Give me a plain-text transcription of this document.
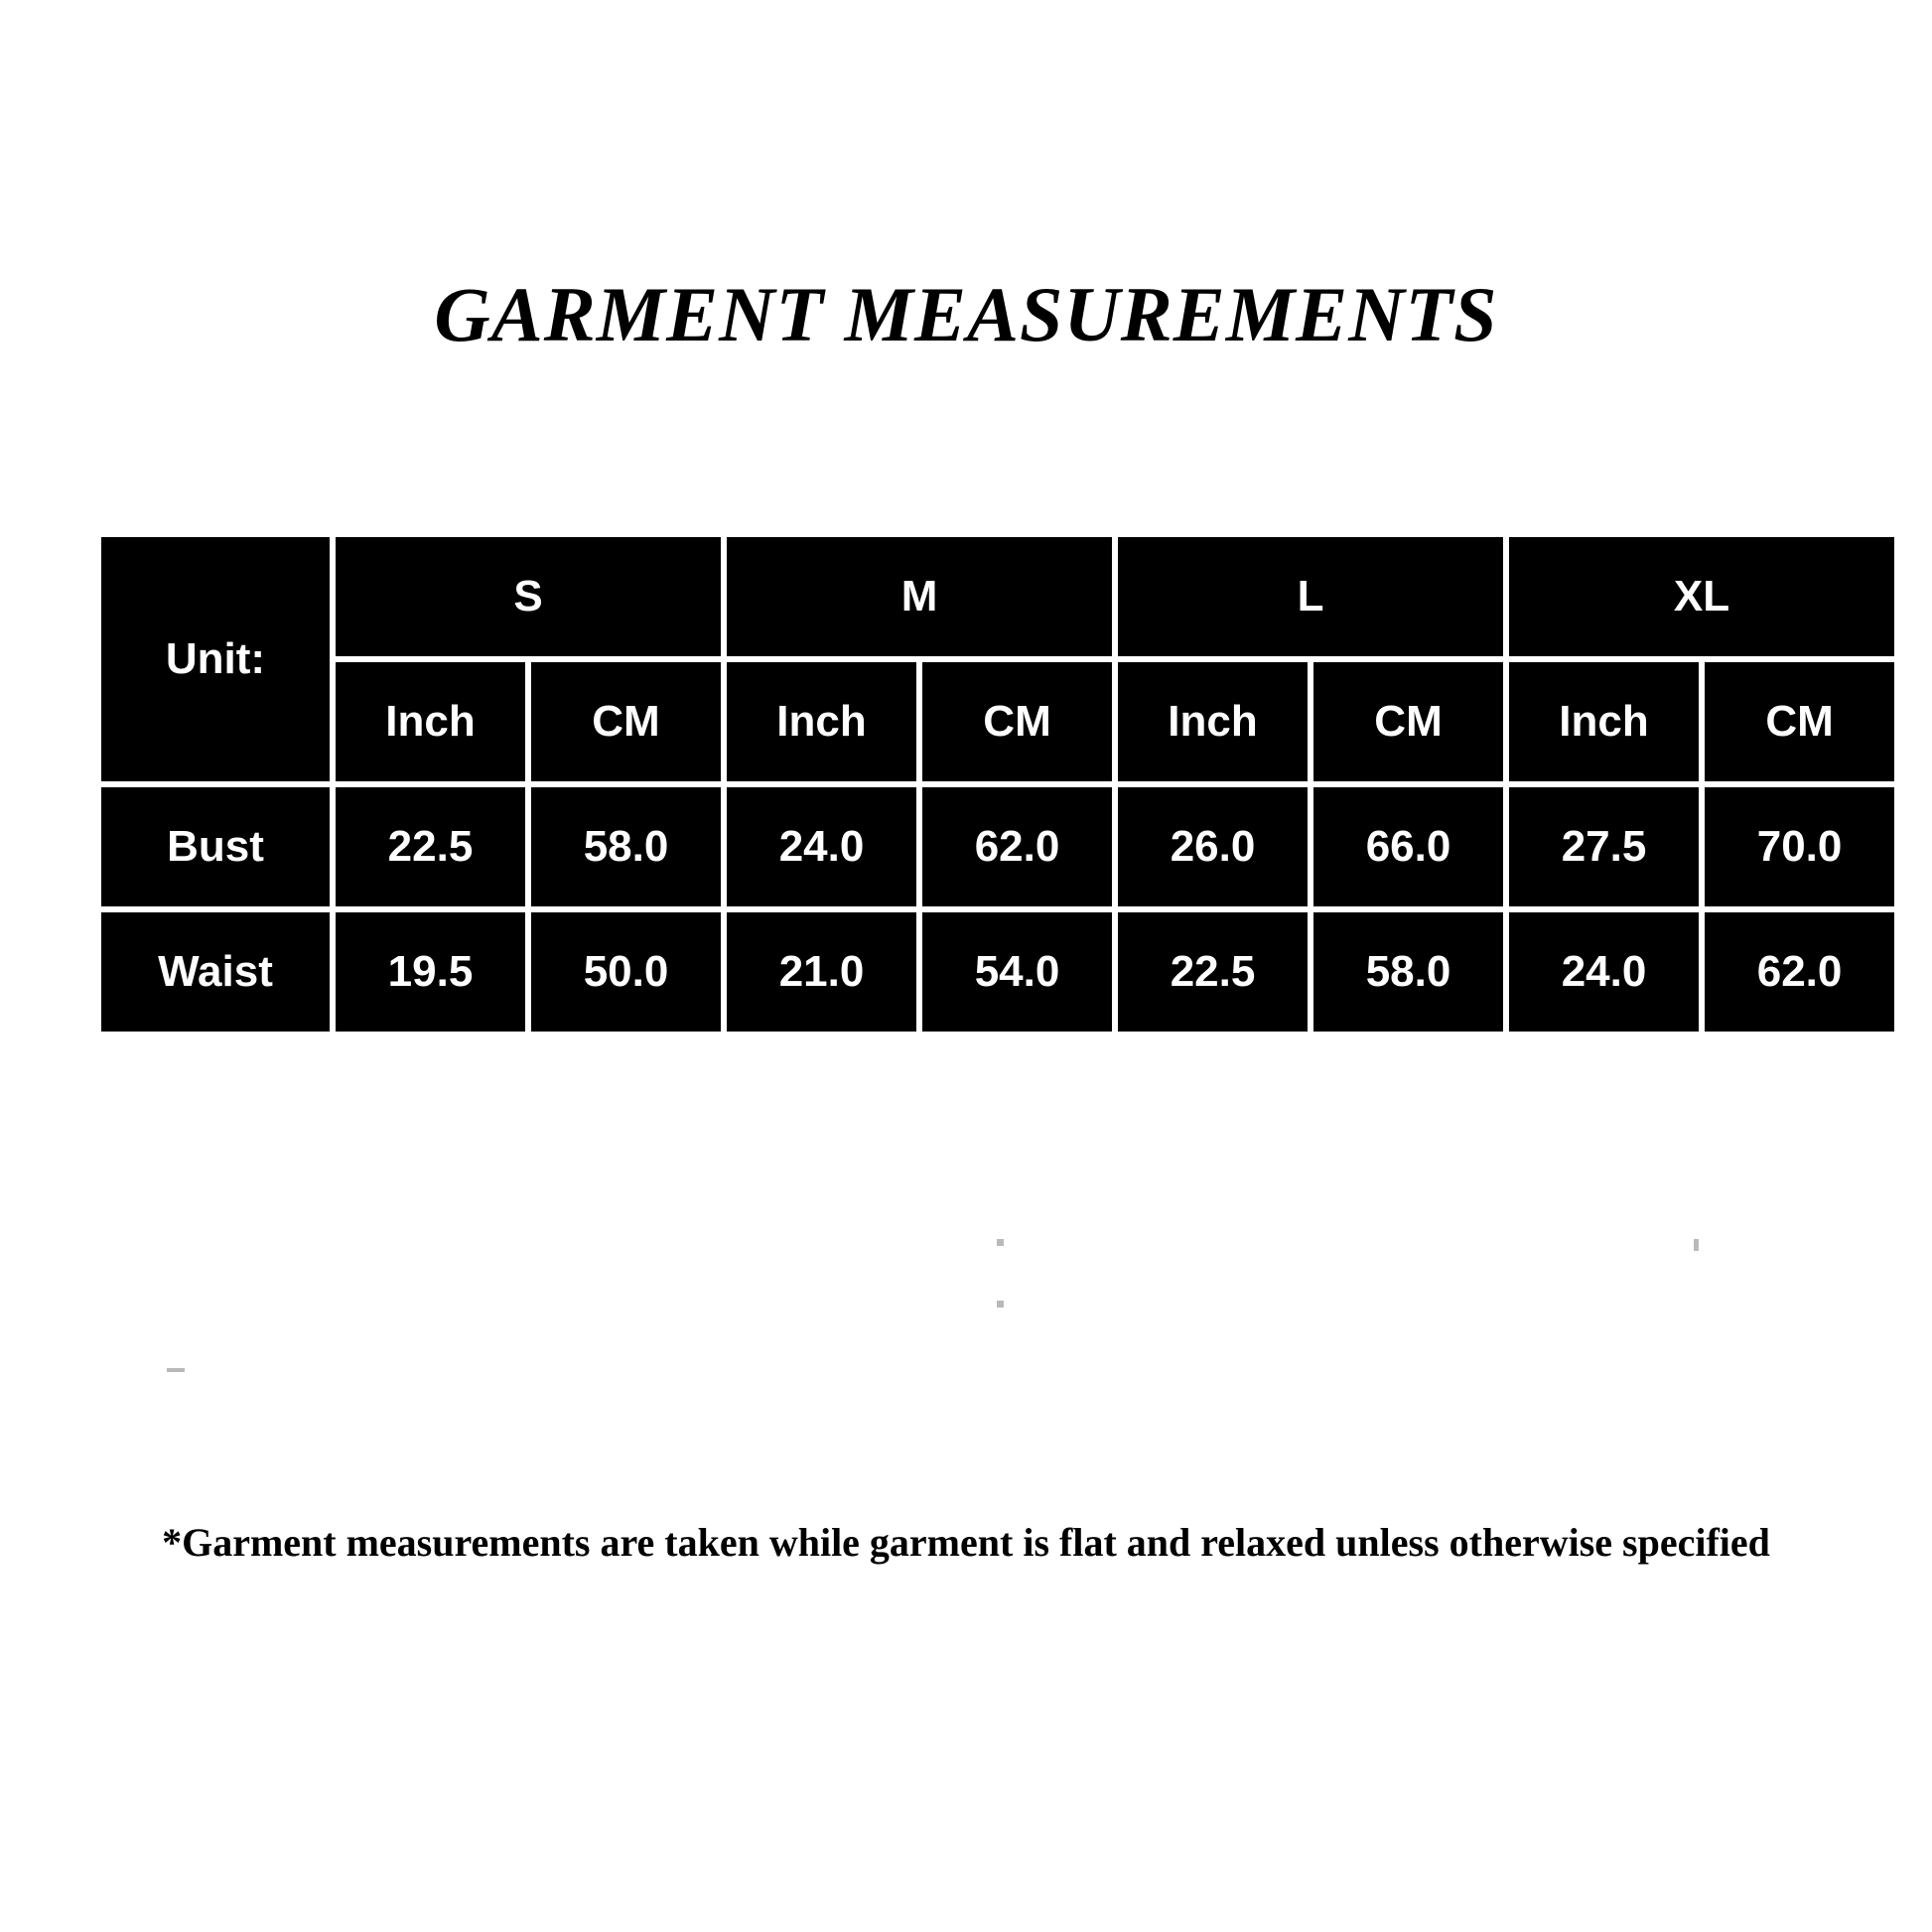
GARMENT MEASUREMENTS
Unit:	S		M		L		XL	
	Inch	CM	Inch	CM	Inch	CM	Inch	CM
Bust	22.5	58.0	24.0	62.0	26.0	66.0	27.5	70.0
Waist	19.5	50.0	21.0	54.0	22.5	58.0	24.0	62.0
*Garment measurements are taken while garment is flat and relaxed unless otherwise specified
